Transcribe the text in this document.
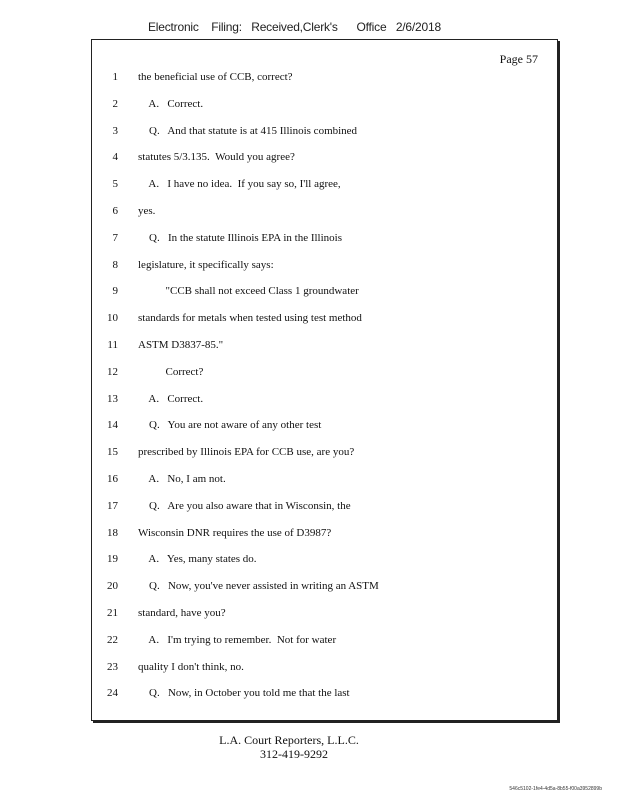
Electronic    Filing:   Received,Clerk's      Office   2/6/2018
Page 57
1 the beneficial use of CCB, correct?
2 A.   Correct.
3 Q.   And that statute is at 415 Illinois combined
4 statutes 5/3.135.  Would you agree?
5 A.   I have no idea.  If you say so, I'll agree,
6 yes.
7 Q.   In the statute Illinois EPA in the Illinois
8 legislature, it specifically says:
9 "CCB shall not exceed Class 1 groundwater
10 standards for metals when tested using test method
11 ASTM D3837-85."
12 Correct?
13 A.   Correct.
14 Q.   You are not aware of any other test
15 prescribed by Illinois EPA for CCB use, are you?
16 A.   No, I am not.
17 Q.   Are you also aware that in Wisconsin, the
18 Wisconsin DNR requires the use of D3987?
19 A.   Yes, many states do.
20 Q.   Now, you've never assisted in writing an ASTM
21 standard, have you?
22 A.   I'm trying to remember.  Not for water
23 quality I don't think, no.
24 Q.   Now, in October you told me that the last
L.A. Court Reporters, L.L.C.
312-419-9292
546c5102-1fe4-4d5a-8b55-f00a3952899b
